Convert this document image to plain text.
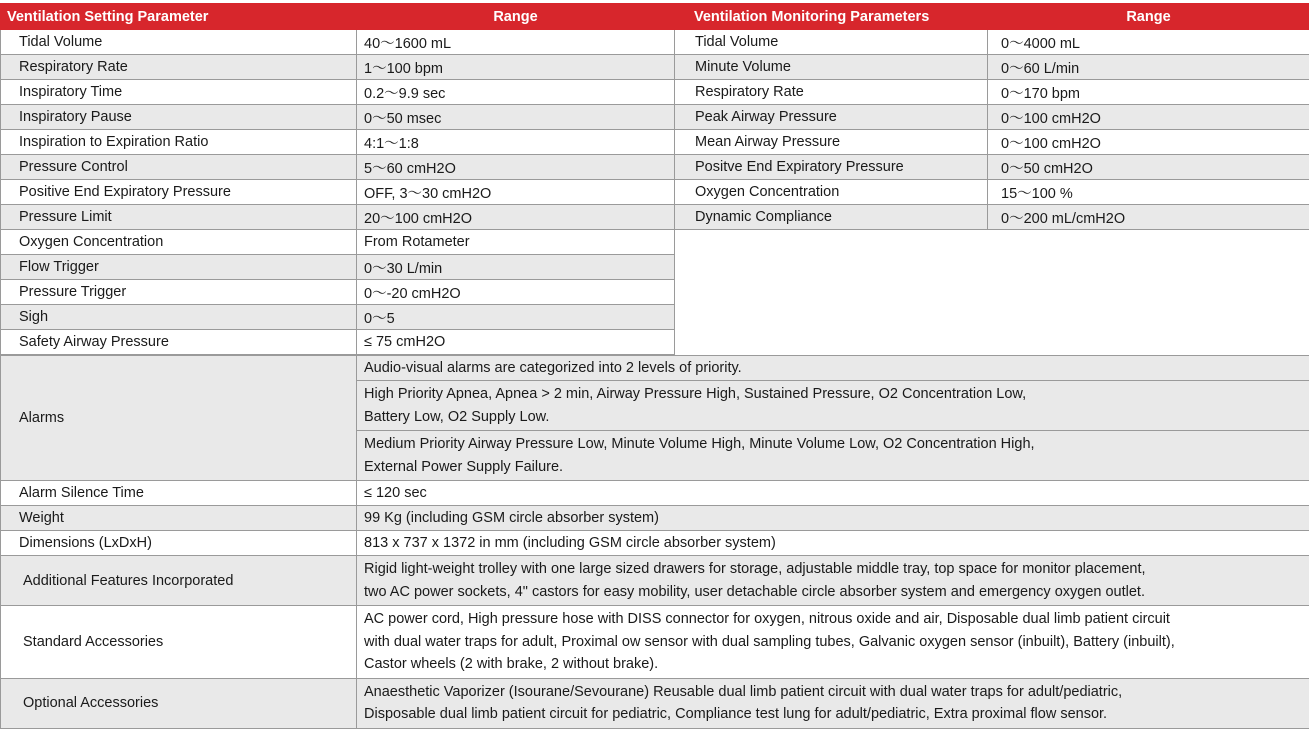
Ventilation Setting Parameter	Range
Tidal Volume	40〜1600 mL
Respiratory Rate	1〜100 bpm
Inspiratory Time	0.2〜9.9 sec
Inspiratory Pause	0〜50 msec
Inspiration to Expiration Ratio	4:1〜1:8
Pressure Control	5〜60 cmH2O
Positive End Expiratory Pressure	OFF, 3〜30 cmH2O
Pressure Limit	20〜100 cmH2O
Oxygen Concentration	From Rotameter
Flow Trigger	0〜30 L/min
Pressure Trigger	0〜-20 cmH2O
Sigh	0〜5
Safety Airway Pressure	≤ 75 cmH2O
Ventilation Monitoring Parameters	Range
Tidal Volume	0〜4000 mL
Minute Volume	0〜60 L/min
Respiratory Rate	0〜170 bpm
Peak Airway Pressure	0〜100 cmH2O
Mean Airway Pressure	0〜100 cmH2O
Positve End Expiratory Pressure	0〜50 cmH2O
Oxygen Concentration	15〜100 %
Dynamic Compliance	0〜200 mL/cmH2O
Alarms	Audio-visual alarms are categorized into 2 levels of priority.

	High Priority Apnea, Apnea > 2 min, Airway Pressure High, Sustained Pressure, O2 Concentration Low,
Battery Low, O2 Supply Low.

	Medium Priority Airway Pressure Low, Minute Volume High, Minute Volume Low, O2 Concentration High,
External Power Supply Failure.

Alarm Silence Time	≤ 120 sec

Weight	99 Kg (including GSM circle absorber system)

Dimensions (LxDxH)	813 x 737 x 1372 in mm (including GSM circle absorber system)

Additional Features Incorporated	Rigid light-weight trolley with one large sized drawers for storage, adjustable middle tray, top space for monitor placement,
two AC power sockets, 4" castors for easy mobility, user detachable circle absorber system and emergency oxygen outlet.

Standard Accessories	AC power cord, High pressure hose with DISS connector for oxygen, nitrous oxide and air, Disposable dual limb patient circuit
with dual water traps for adult, Proximal ow sensor with dual sampling tubes, Galvanic oxygen sensor (inbuilt), Battery (inbuilt),
Castor wheels (2 with brake, 2 without brake).

Optional Accessories	Anaesthetic Vaporizer (Isourane/Sevourane) Reusable dual limb patient circuit with dual water traps for adult/pediatric,
Disposable dual limb patient circuit for pediatric, Compliance test lung for adult/pediatric, Extra proximal flow sensor.
